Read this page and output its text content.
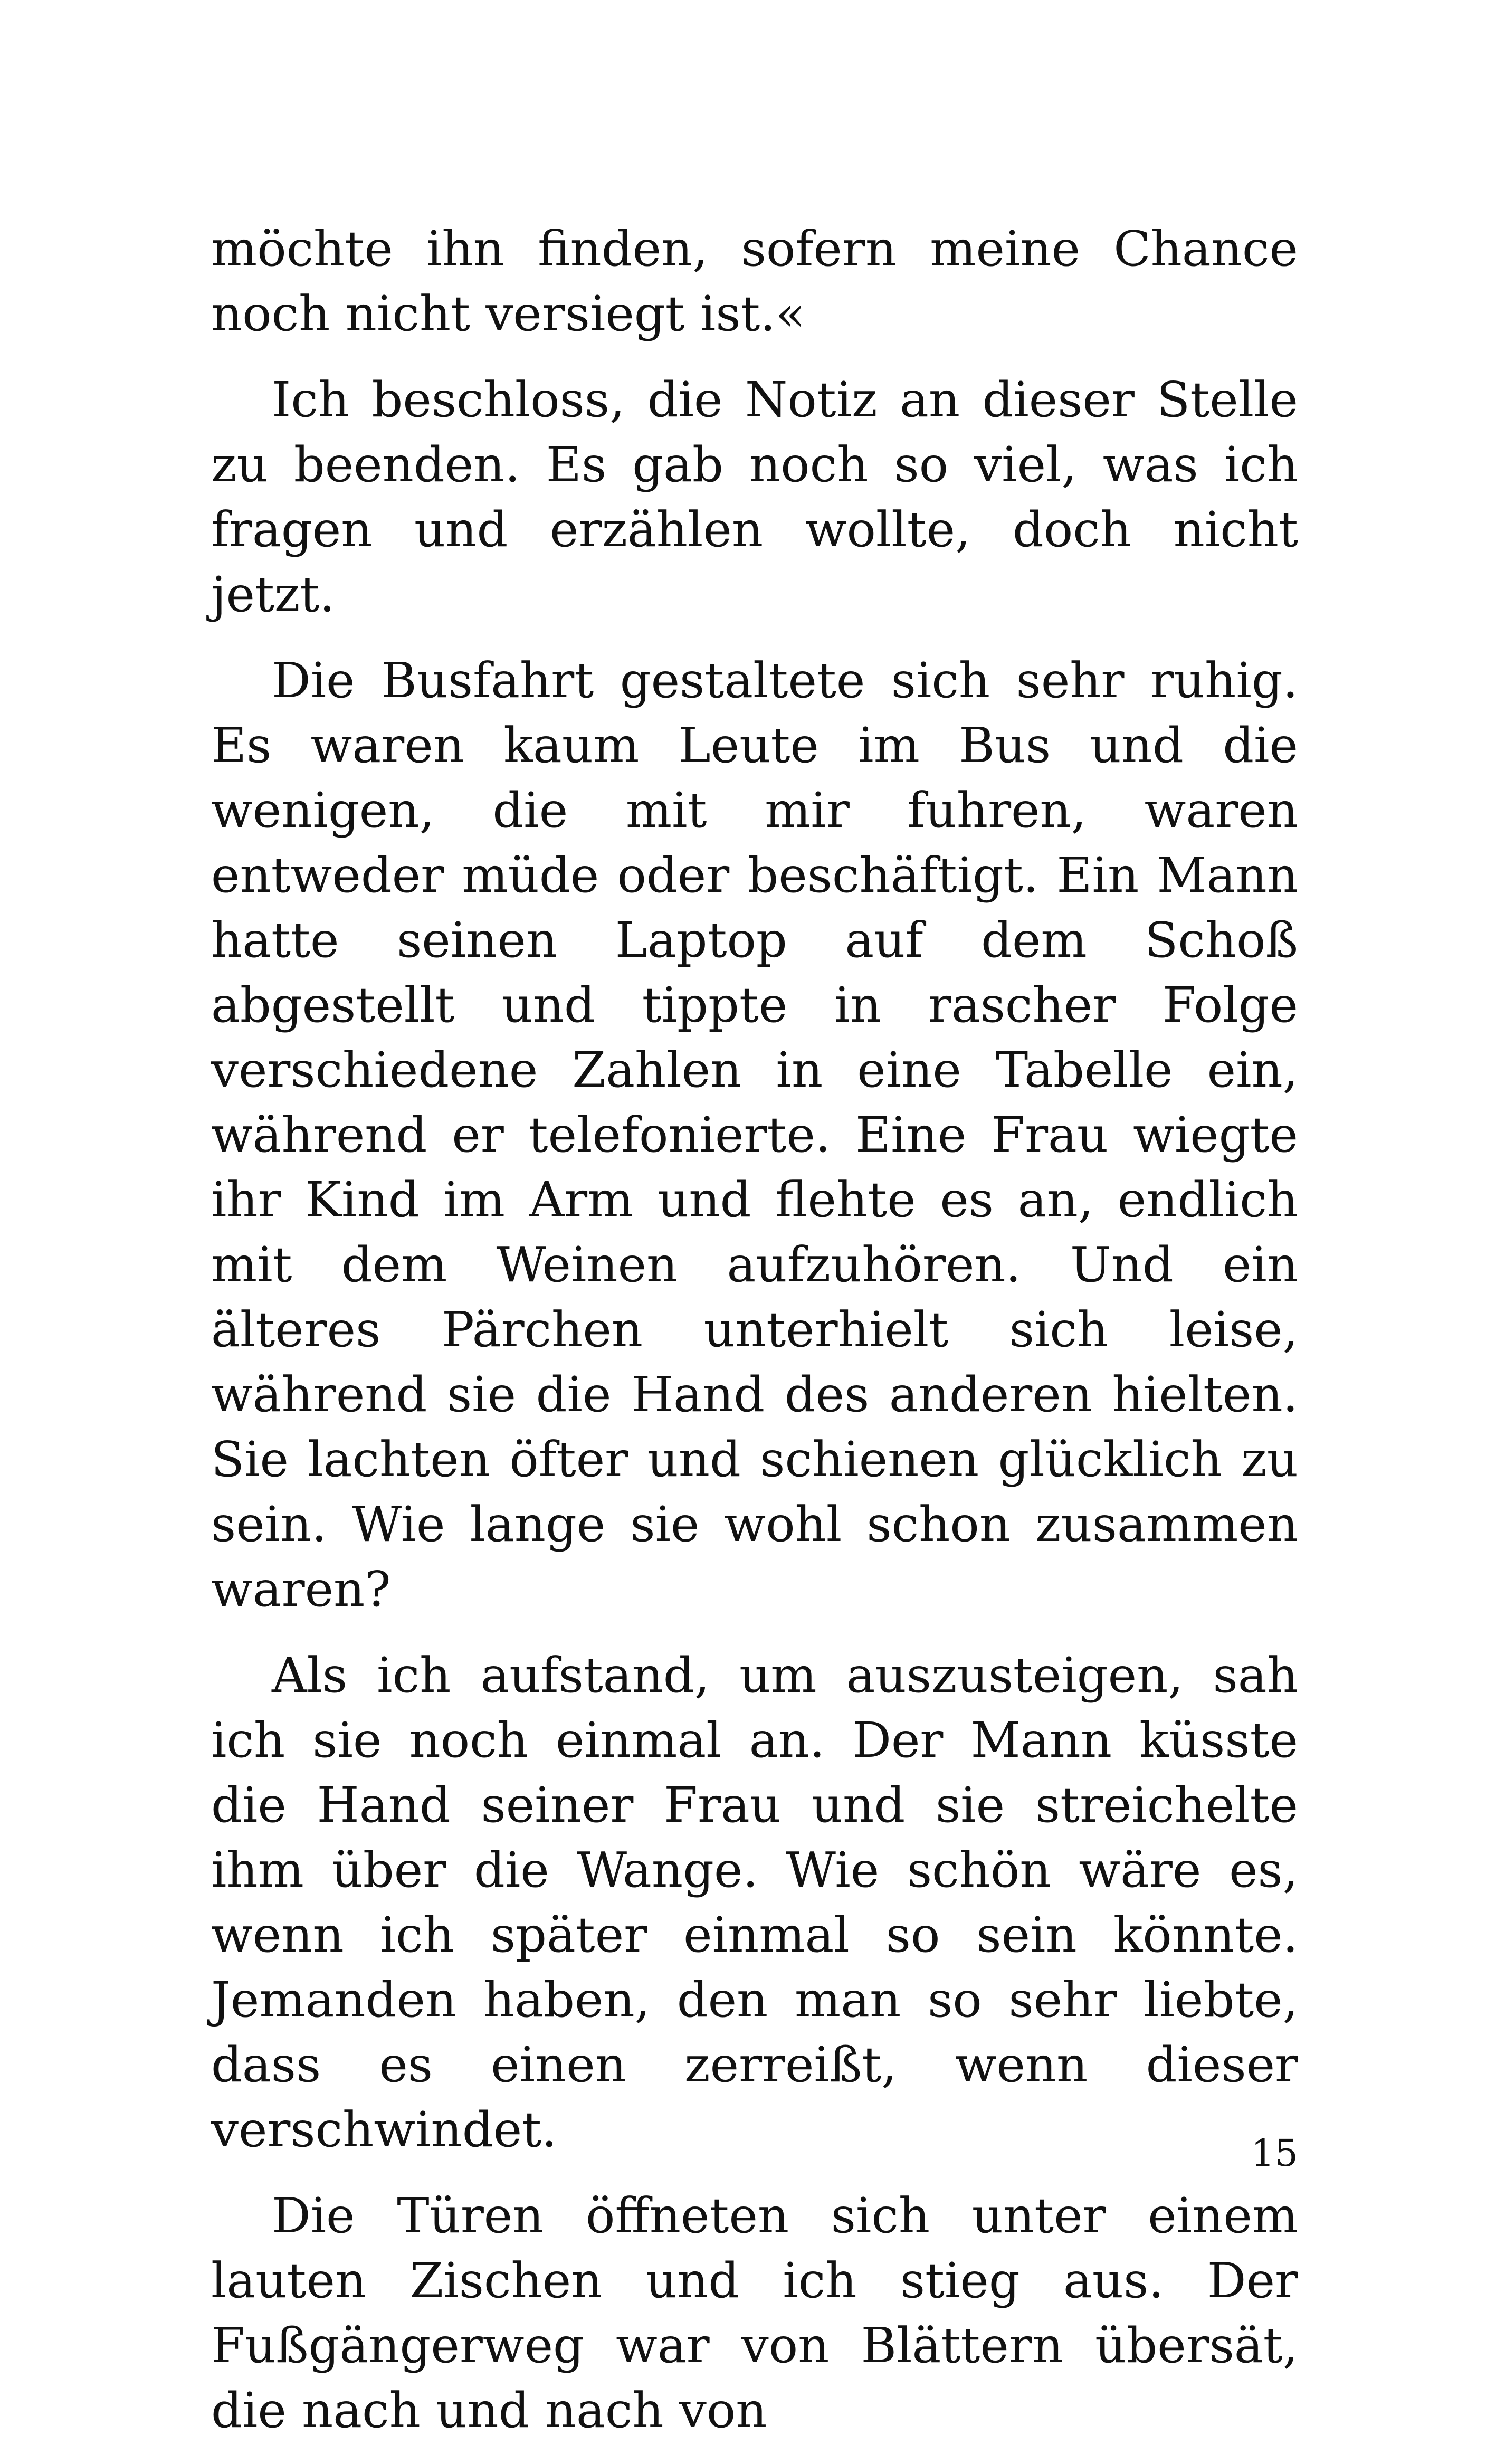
möchte ihn finden, sofern meine Chance noch nicht versiegt ist.«

Ich beschloss, die Notiz an dieser Stelle zu beenden. Es gab noch so viel, was ich fragen und erzählen wollte, doch nicht jetzt.

Die Busfahrt gestaltete sich sehr ruhig. Es waren kaum Leute im Bus und die wenigen, die mit mir fuhren, waren entweder müde oder beschäftigt. Ein Mann hatte seinen Laptop auf dem Schoß abgestellt und tippte in rascher Folge verschiedene Zahlen in eine Tabelle ein, während er telefonierte. Eine Frau wiegte ihr Kind im Arm und flehte es an, endlich mit dem Weinen aufzuhören. Und ein älteres Pärchen unterhielt sich leise, während sie die Hand des anderen hielten. Sie lachten öfter und schienen glücklich zu sein. Wie lange sie wohl schon zusammen waren?

Als ich aufstand, um auszusteigen, sah ich sie noch einmal an. Der Mann küsste die Hand seiner Frau und sie streichelte ihm über die Wange. Wie schön wäre es, wenn ich später einmal so sein könnte. Jemanden haben, den man so sehr liebte, dass es einen zerreißt, wenn dieser verschwindet.

Die Türen öffneten sich unter einem lauten Zischen und ich stieg aus. Der Fußgängerweg war von Blättern übersät, die nach und nach von

15
